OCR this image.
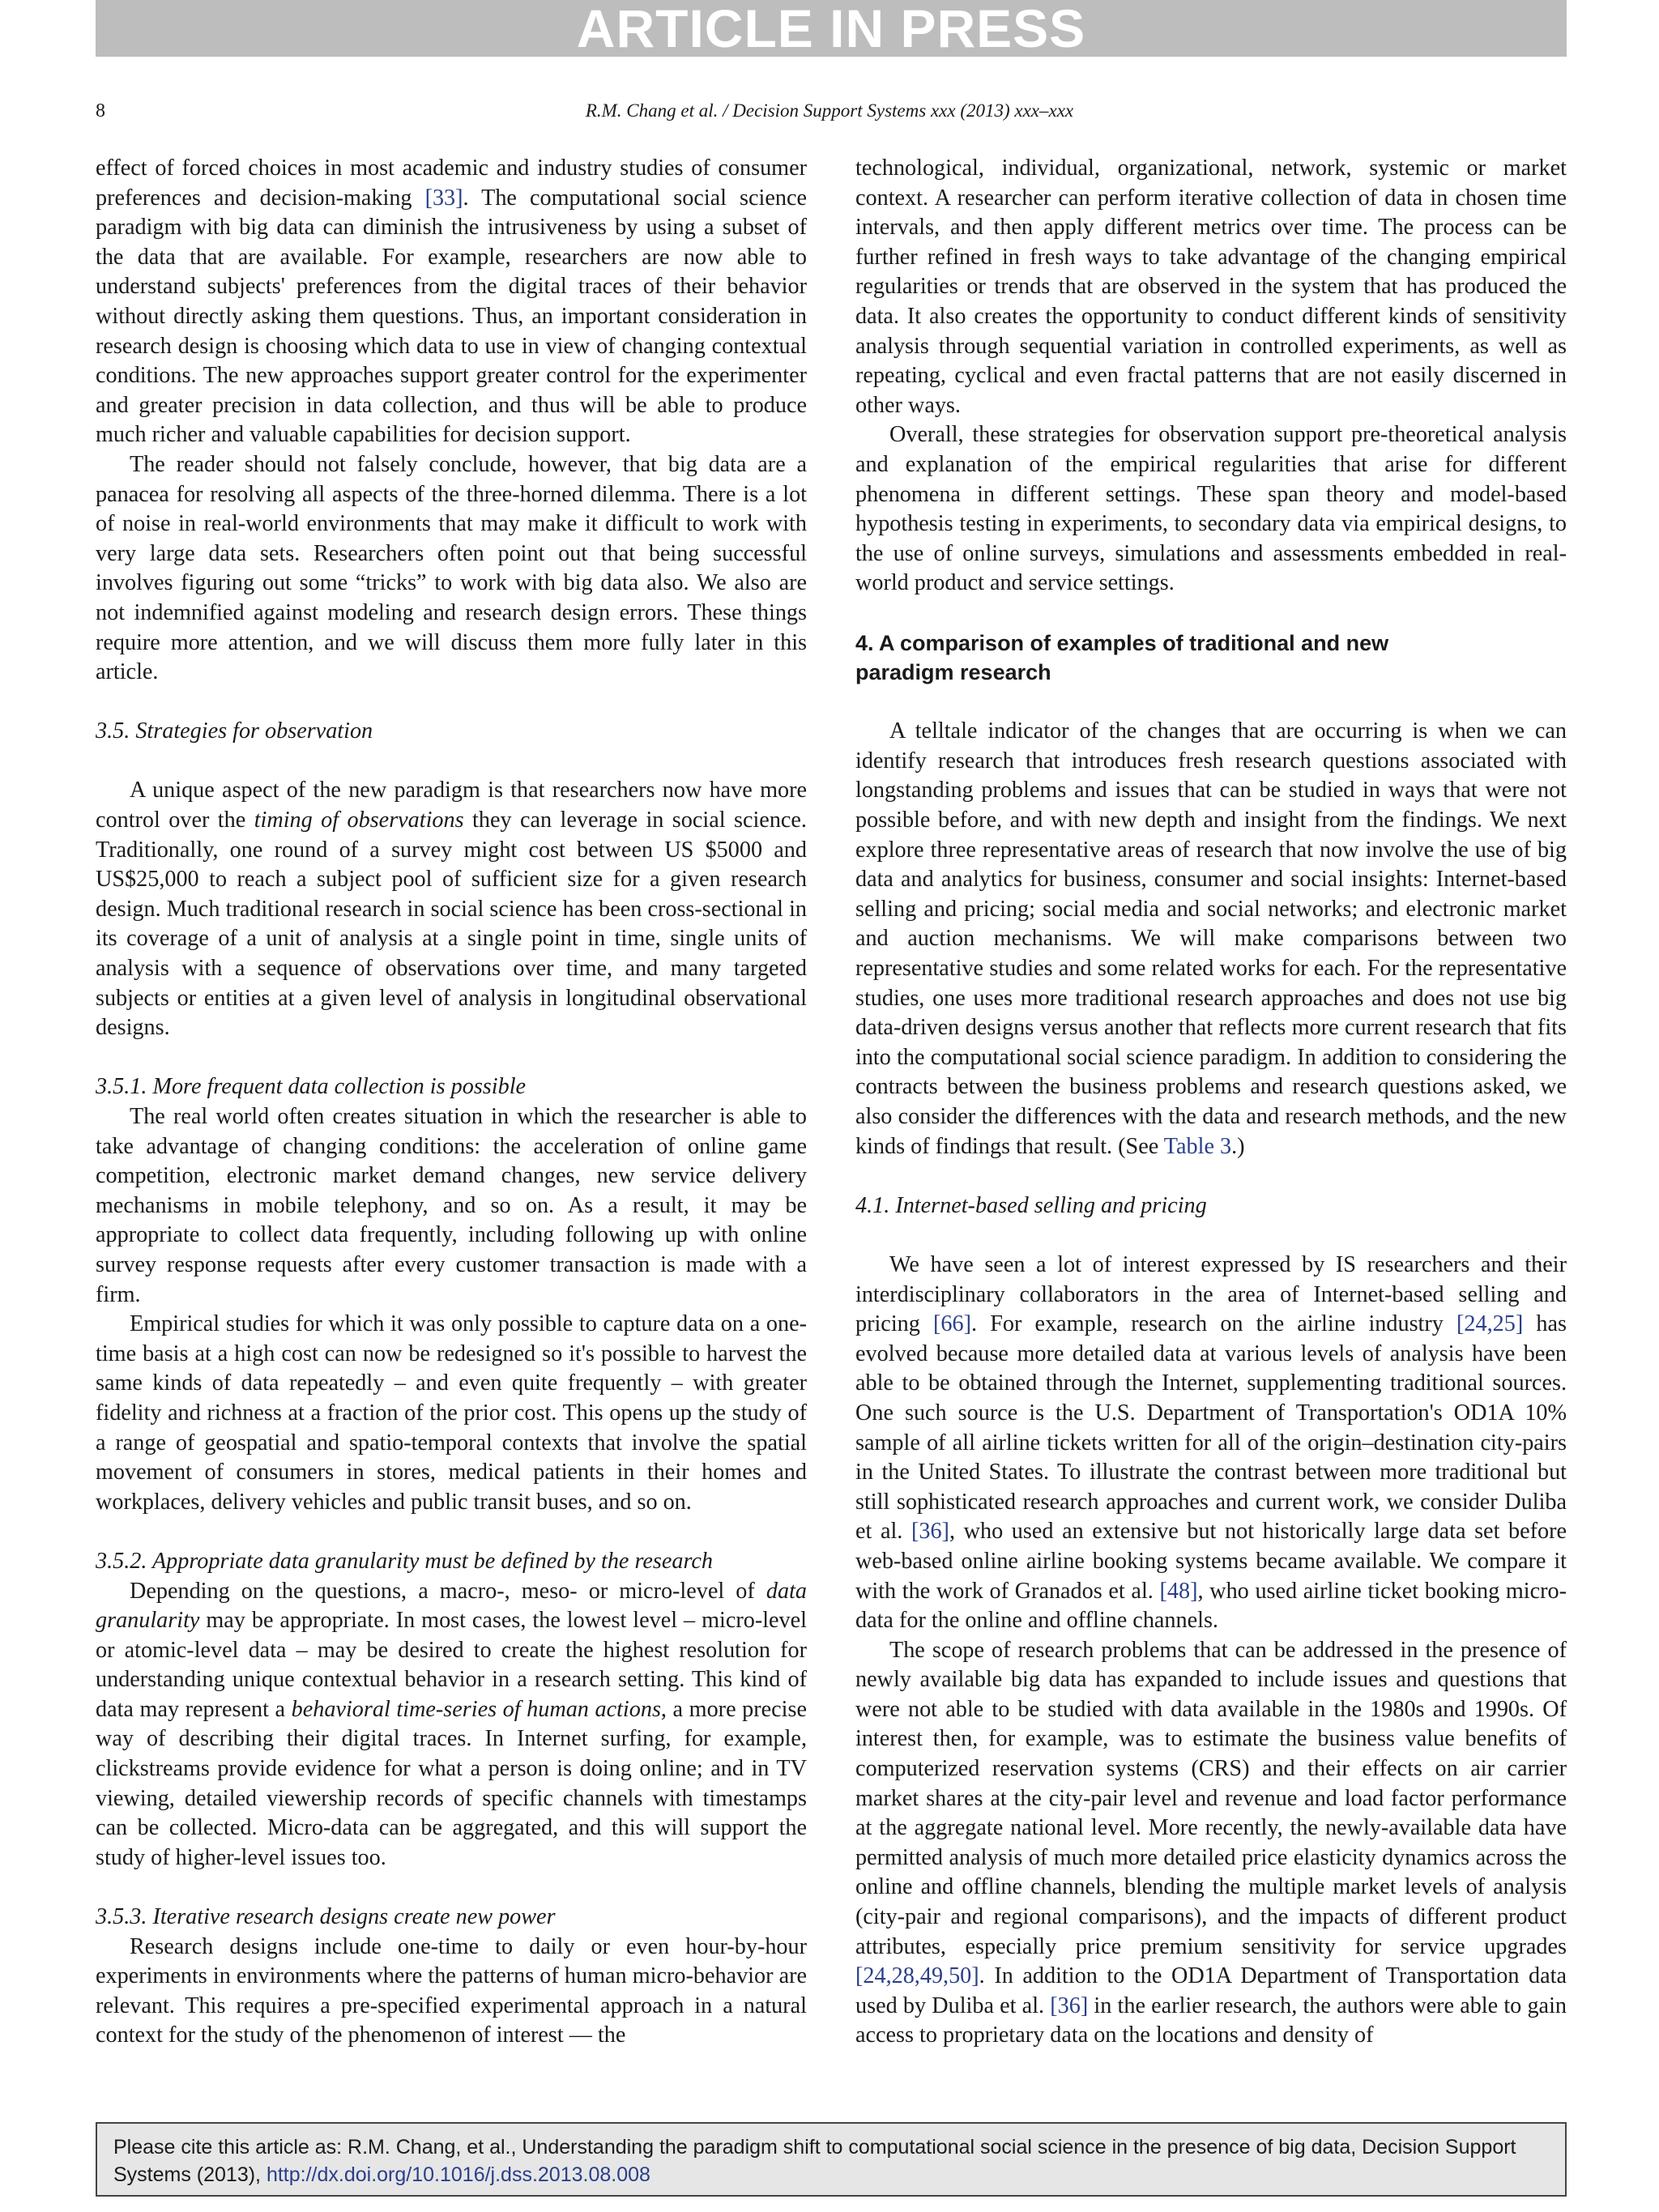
ARTICLE IN PRESS
8	R.M. Chang et al. / Decision Support Systems xxx (2013) xxx–xxx

effect of forced choices in most academic and industry studies of consumer preferences and decision-making [33]. The computational social science paradigm with big data can diminish the intrusiveness by using a subset of the data that are available. For example, researchers are now able to understand subjects' preferences from the digital traces of their behavior without directly asking them questions. Thus, an important consideration in research design is choosing which data to use in view of changing contextual conditions. The new approaches support greater control for the experimenter and greater precision in data collection, and thus will be able to produce much richer and valuable capabilities for decision support.

The reader should not falsely conclude, however, that big data are a panacea for resolving all aspects of the three-horned dilemma. There is a lot of noise in real-world environments that may make it difficult to work with very large data sets. Researchers often point out that being successful involves figuring out some “tricks” to work with big data also. We also are not indemnified against modeling and research design errors. These things require more attention, and we will discuss them more fully later in this article.

3.5. Strategies for observation

A unique aspect of the new paradigm is that researchers now have more control over the timing of observations they can leverage in social science. Traditionally, one round of a survey might cost between US $5000 and US$25,000 to reach a subject pool of sufficient size for a given research design. Much traditional research in social science has been cross-sectional in its coverage of a unit of analysis at a single point in time, single units of analysis with a sequence of observations over time, and many targeted subjects or entities at a given level of analysis in longitudinal observational designs.

3.5.1. More frequent data collection is possible

The real world often creates situation in which the researcher is able to take advantage of changing conditions: the acceleration of online game competition, electronic market demand changes, new service delivery mechanisms in mobile telephony, and so on. As a result, it may be appropriate to collect data frequently, including following up with online survey response requests after every customer transaction is made with a firm.

Empirical studies for which it was only possible to capture data on a one-time basis at a high cost can now be redesigned so it's possible to harvest the same kinds of data repeatedly – and even quite frequently – with greater fidelity and richness at a fraction of the prior cost. This opens up the study of a range of geospatial and spatio-temporal contexts that involve the spatial movement of consumers in stores, medical patients in their homes and workplaces, delivery vehicles and public transit buses, and so on.

3.5.2. Appropriate data granularity must be defined by the research

Depending on the questions, a macro-, meso- or micro-level of data granularity may be appropriate. In most cases, the lowest level – micro-level or atomic-level data – may be desired to create the highest resolution for understanding unique contextual behavior in a research setting. This kind of data may represent a behavioral time-series of human actions, a more precise way of describing their digital traces. In Internet surfing, for example, clickstreams provide evidence for what a person is doing online; and in TV viewing, detailed viewership records of specific channels with timestamps can be collected. Micro-data can be aggregated, and this will support the study of higher-level issues too.

3.5.3. Iterative research designs create new power

Research designs include one-time to daily or even hour-by-hour experiments in environments where the patterns of human micro-behavior are relevant. This requires a pre-specified experimental approach in a natural context for the study of the phenomenon of interest — the

technological, individual, organizational, network, systemic or market context. A researcher can perform iterative collection of data in chosen time intervals, and then apply different metrics over time. The process can be further refined in fresh ways to take advantage of the changing empirical regularities or trends that are observed in the system that has produced the data. It also creates the opportunity to conduct different kinds of sensitivity analysis through sequential variation in controlled experiments, as well as repeating, cyclical and even fractal patterns that are not easily discerned in other ways.

Overall, these strategies for observation support pre-theoretical analysis and explanation of the empirical regularities that arise for different phenomena in different settings. These span theory and model-based hypothesis testing in experiments, to secondary data via empirical designs, to the use of online surveys, simulations and assessments embedded in real-world product and service settings.

4. A comparison of examples of traditional and new
paradigm research

A telltale indicator of the changes that are occurring is when we can identify research that introduces fresh research questions associated with longstanding problems and issues that can be studied in ways that were not possible before, and with new depth and insight from the findings. We next explore three representative areas of research that now involve the use of big data and analytics for business, consumer and social insights: Internet-based selling and pricing; social media and social networks; and electronic market and auction mechanisms. We will make comparisons between two representative studies and some related works for each. For the representative studies, one uses more traditional research approaches and does not use big data-driven designs versus another that reflects more current research that fits into the computational social science paradigm. In addition to considering the contracts between the business problems and research questions asked, we also consider the differences with the data and research methods, and the new kinds of findings that result. (See Table 3.)

4.1. Internet-based selling and pricing

We have seen a lot of interest expressed by IS researchers and their interdisciplinary collaborators in the area of Internet-based selling and pricing [66]. For example, research on the airline industry [24,25] has evolved because more detailed data at various levels of analysis have been able to be obtained through the Internet, supplementing traditional sources. One such source is the U.S. Department of Transportation's OD1A 10% sample of all airline tickets written for all of the origin–destination city-pairs in the United States. To illustrate the contrast between more traditional but still sophisticated research approaches and current work, we consider Duliba et al. [36], who used an extensive but not historically large data set before web-based online airline booking systems became available. We compare it with the work of Granados et al. [48], who used airline ticket booking micro-data for the online and offline channels.

The scope of research problems that can be addressed in the presence of newly available big data has expanded to include issues and questions that were not able to be studied with data available in the 1980s and 1990s. Of interest then, for example, was to estimate the business value benefits of computerized reservation systems (CRS) and their effects on air carrier market shares at the city-pair level and revenue and load factor performance at the aggregate national level. More recently, the newly-available data have permitted analysis of much more detailed price elasticity dynamics across the online and offline channels, blending the multiple market levels of analysis (city-pair and regional comparisons), and the impacts of different product attributes, especially price premium sensitivity for service upgrades [24,28,49,50]. In addition to the OD1A Department of Transportation data used by Duliba et al. [36] in the earlier research, the authors were able to gain access to proprietary data on the locations and density of

Please cite this article as: R.M. Chang, et al., Understanding the paradigm shift to computational social science in the presence of big data, Decision Support Systems (2013), http://dx.doi.org/10.1016/j.dss.2013.08.008
